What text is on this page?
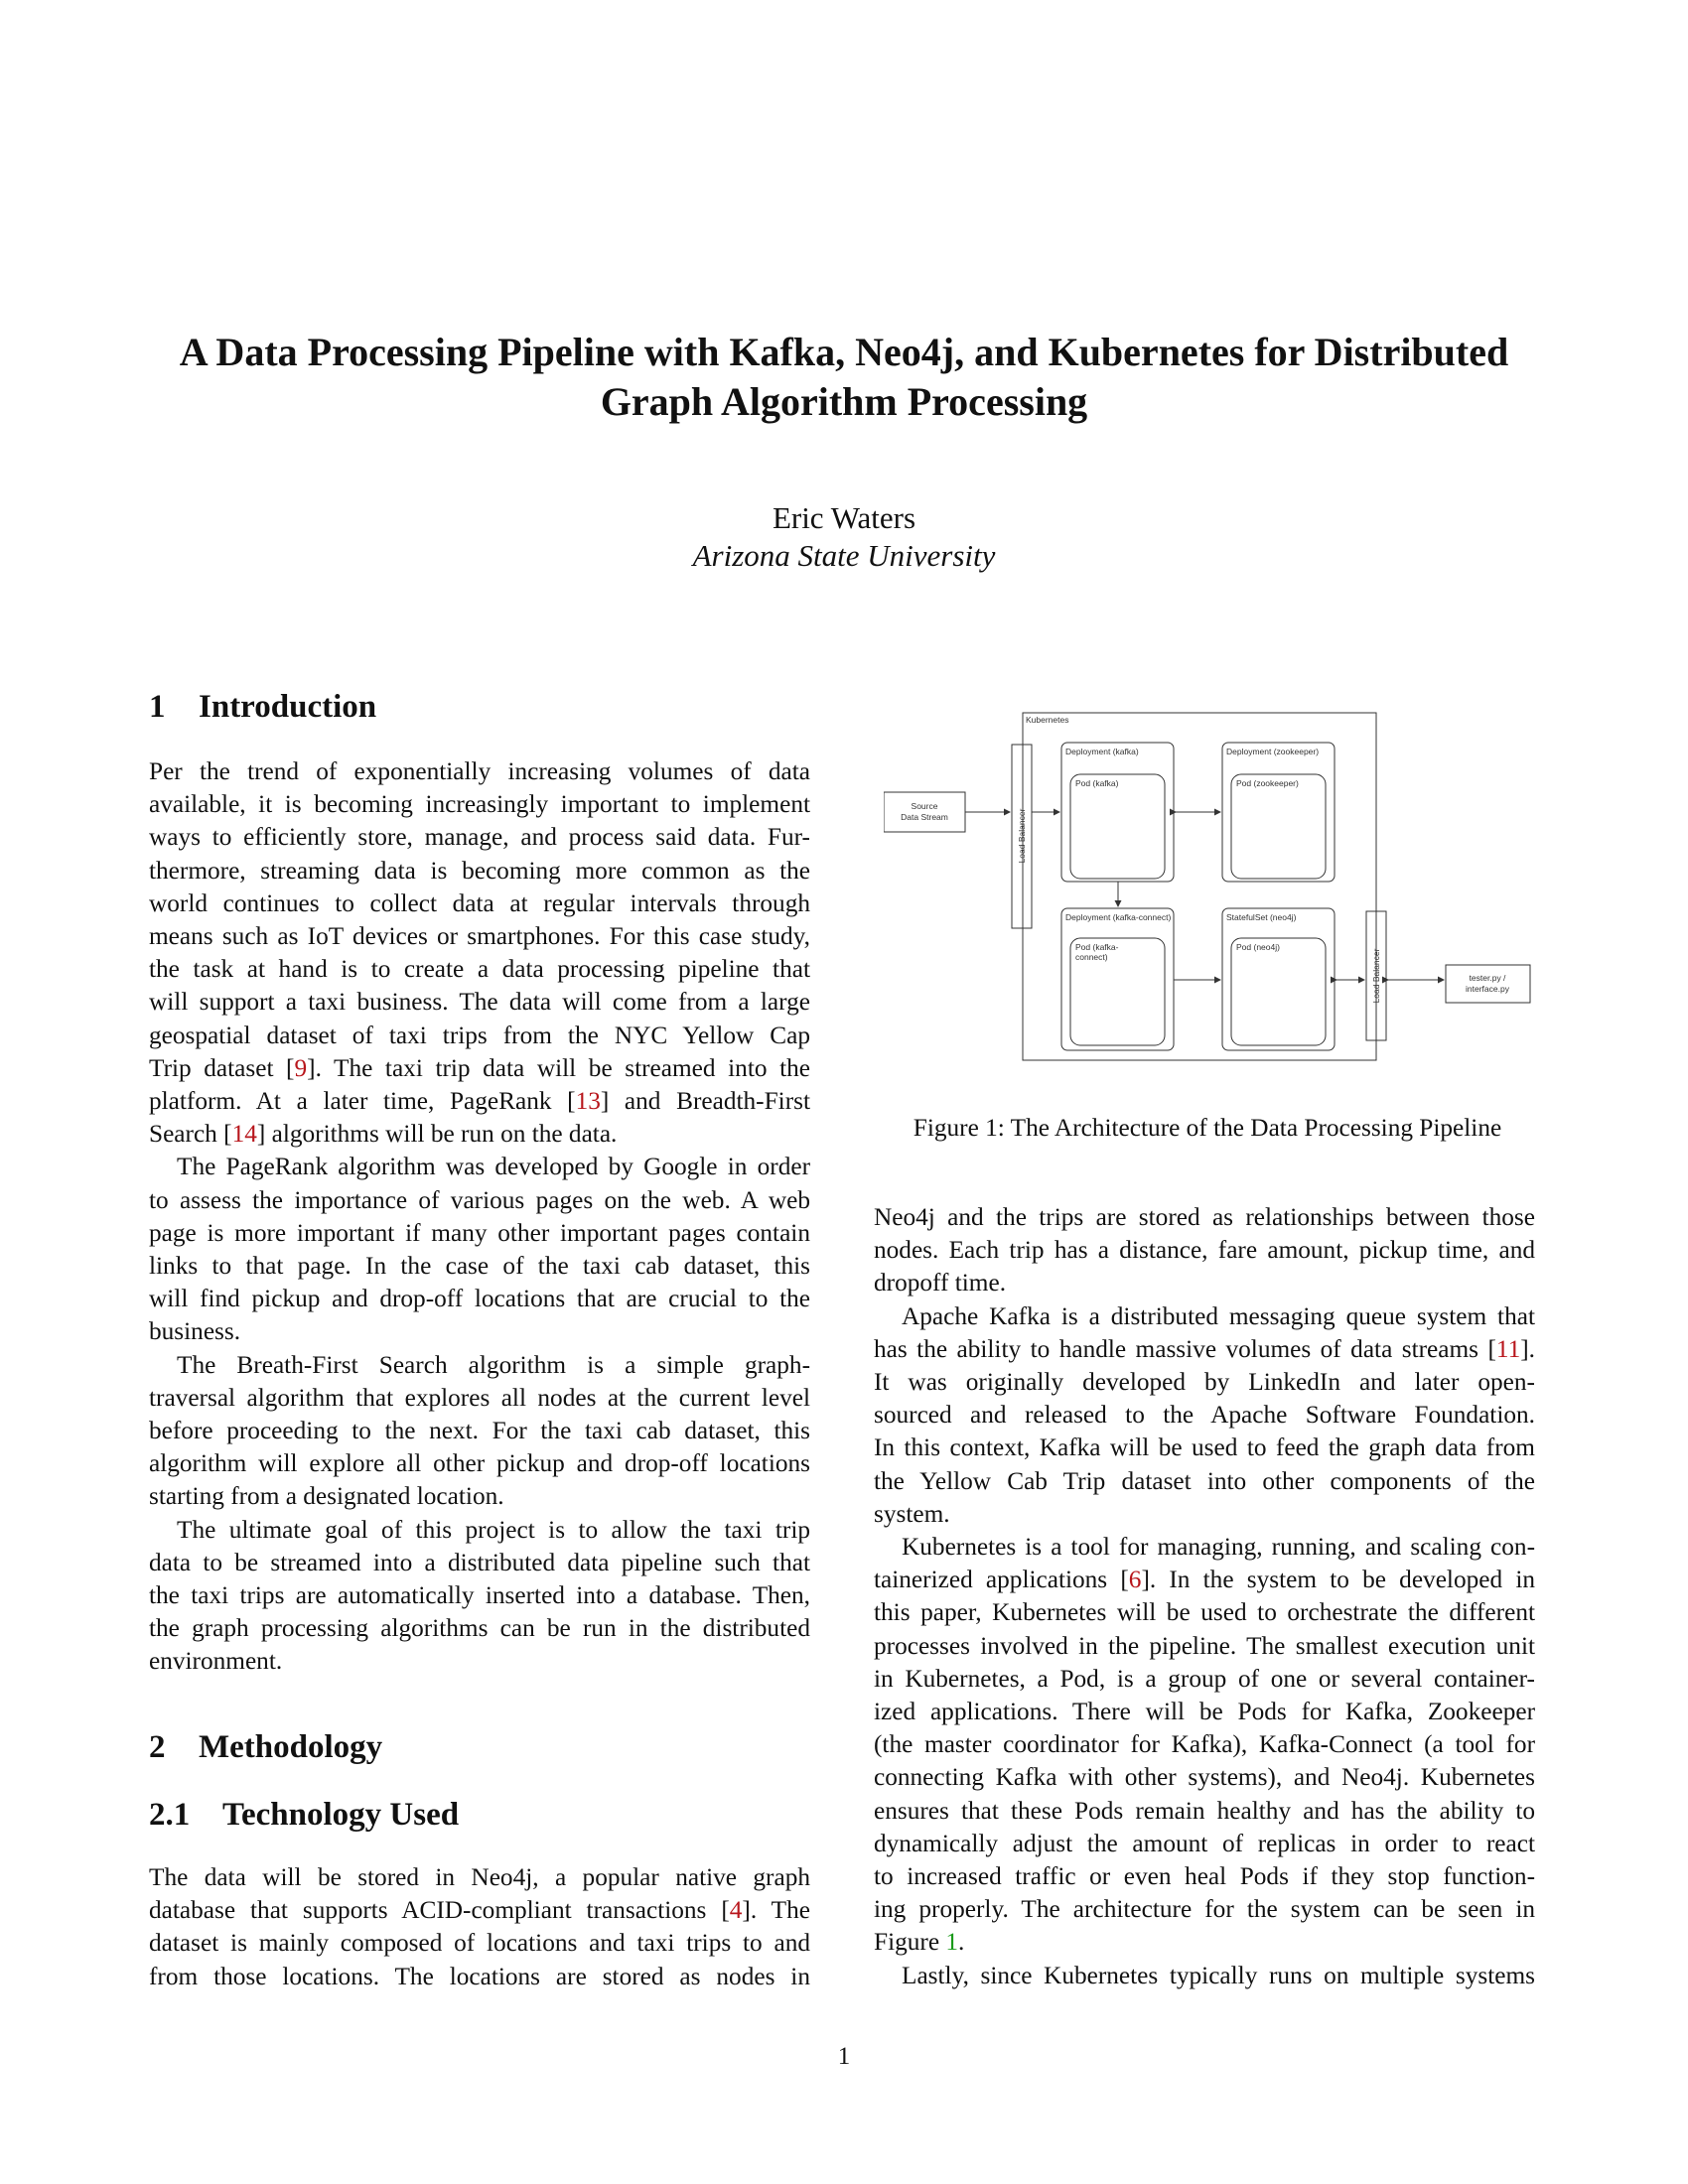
A Data Processing Pipeline with Kafka, Neo4j, and Kubernetes for Distributed
Graph Algorithm Processing
Eric Waters
Arizona State University
1 Introduction
Per the trend of exponentially increasing volumes of data
available, it is becoming increasingly important to implement
ways to efficiently store, manage, and process said data. Fur-
thermore, streaming data is becoming more common as the
world continues to collect data at regular intervals through
means such as IoT devices or smartphones. For this case study,
the task at hand is to create a data processing pipeline that
will support a taxi business. The data will come from a large
geospatial dataset of taxi trips from the NYC Yellow Cap
Trip dataset [9]. The taxi trip data will be streamed into the
platform. At a later time, PageRank [13] and Breadth-First
Search [14] algorithms will be run on the data.
The PageRank algorithm was developed by Google in order
to assess the importance of various pages on the web. A web
page is more important if many other important pages contain
links to that page. In the case of the taxi cab dataset, this
will find pickup and drop-off locations that are crucial to the
business.
The Breath-First Search algorithm is a simple graph-
traversal algorithm that explores all nodes at the current level
before proceeding to the next. For the taxi cab dataset, this
algorithm will explore all other pickup and drop-off locations
starting from a designated location.
The ultimate goal of this project is to allow the taxi trip
data to be streamed into a distributed data pipeline such that
the taxi trips are automatically inserted into a database. Then,
the graph processing algorithms can be run in the distributed
environment.
2 Methodology
2.1 Technology Used
The data will be stored in Neo4j, a popular native graph
database that supports ACID-compliant transactions [4]. The
dataset is mainly composed of locations and taxi trips to and
from those locations. The locations are stored as nodes in
Kubernetes
Source
Data Stream	Load Balancer
Load Balancer
Deployment (kafka)
Pod (kafka)
Deployment (zookeeper)
Pod (zookeeper)
Deployment (kafka-connect)
Pod (kafka-
connect)
StatefulSet (neo4j)
Pod (neo4j)
tester.py /
interface.py
Figure 1: The Architecture of the Data Processing Pipeline
Neo4j and the trips are stored as relationships between those
nodes. Each trip has a distance, fare amount, pickup time, and
dropoff time.
Apache Kafka is a distributed messaging queue system that
has the ability to handle massive volumes of data streams [11].
It was originally developed by LinkedIn and later open-
sourced and released to the Apache Software Foundation.
In this context, Kafka will be used to feed the graph data from
the Yellow Cab Trip dataset into other components of the
system.
Kubernetes is a tool for managing, running, and scaling con-
tainerized applications [6]. In the system to be developed in
this paper, Kubernetes will be used to orchestrate the different
processes involved in the pipeline. The smallest execution unit
in Kubernetes, a Pod, is a group of one or several container-
ized applications. There will be Pods for Kafka, Zookeeper
(the master coordinator for Kafka), Kafka-Connect (a tool for
connecting Kafka with other systems), and Neo4j. Kubernetes
ensures that these Pods remain healthy and has the ability to
dynamically adjust the amount of replicas in order to react
to increased traffic or even heal Pods if they stop function-
ing properly. The architecture for the system can be seen in
Figure 1.
Lastly, since Kubernetes typically runs on multiple systems
1
